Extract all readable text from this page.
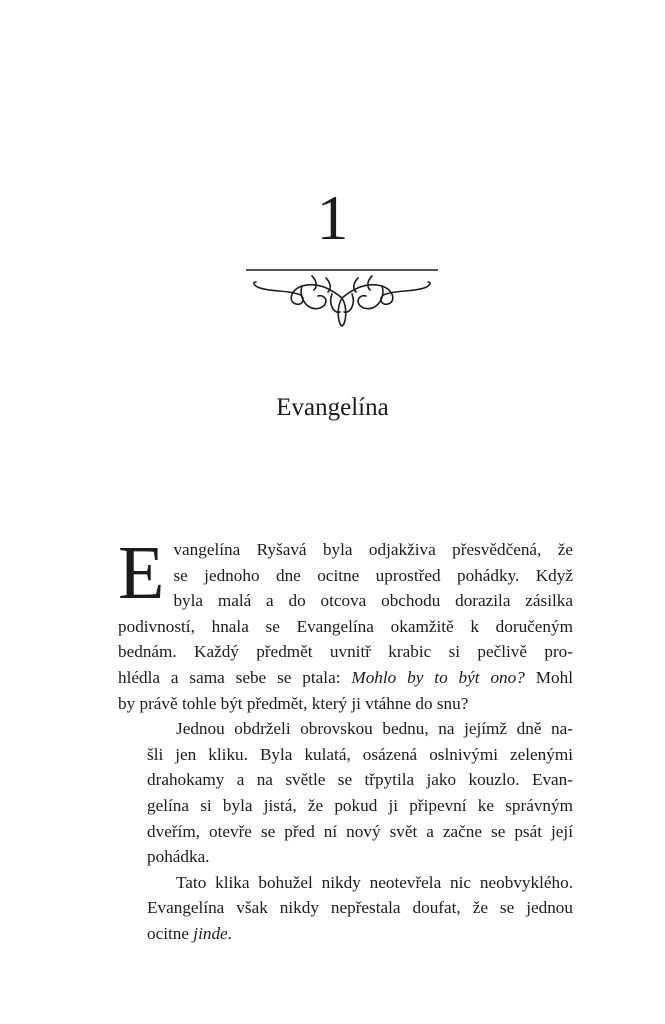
1
Evangelína

E vangelína Ryšavá byla odjakživa přesvědčená, že
se jednoho dne ocitne uprostřed pohádky. Když
byla malá a do otcova obchodu dorazila zásilka
podivností, hnala se Evangelína okamžitě k doručeným
bednám. Každý předmět uvnitř krabic si pečlivě pro-
hlédla a sama sebe se ptala: Mohlo by to být ono? Mohl
by právě tohle být předmět, který ji vtáhne do snu?

Jednou obdrželi obrovskou bednu, na jejímž dně na-
šli jen kliku. Byla kulatá, osázená oslnivými zelenými
drahokamy a na světle se třpytila jako kouzlo. Evan-
gelína si byla jistá, že pokud ji připevní ke správným
dveřím, otevře se před ní nový svět a začne se psát její
pohádka.

Tato klika bohužel nikdy neotevřela nic neobvyklého.
Evangelína však nikdy nepřestala doufat, že se jednou
ocitne jinde.
